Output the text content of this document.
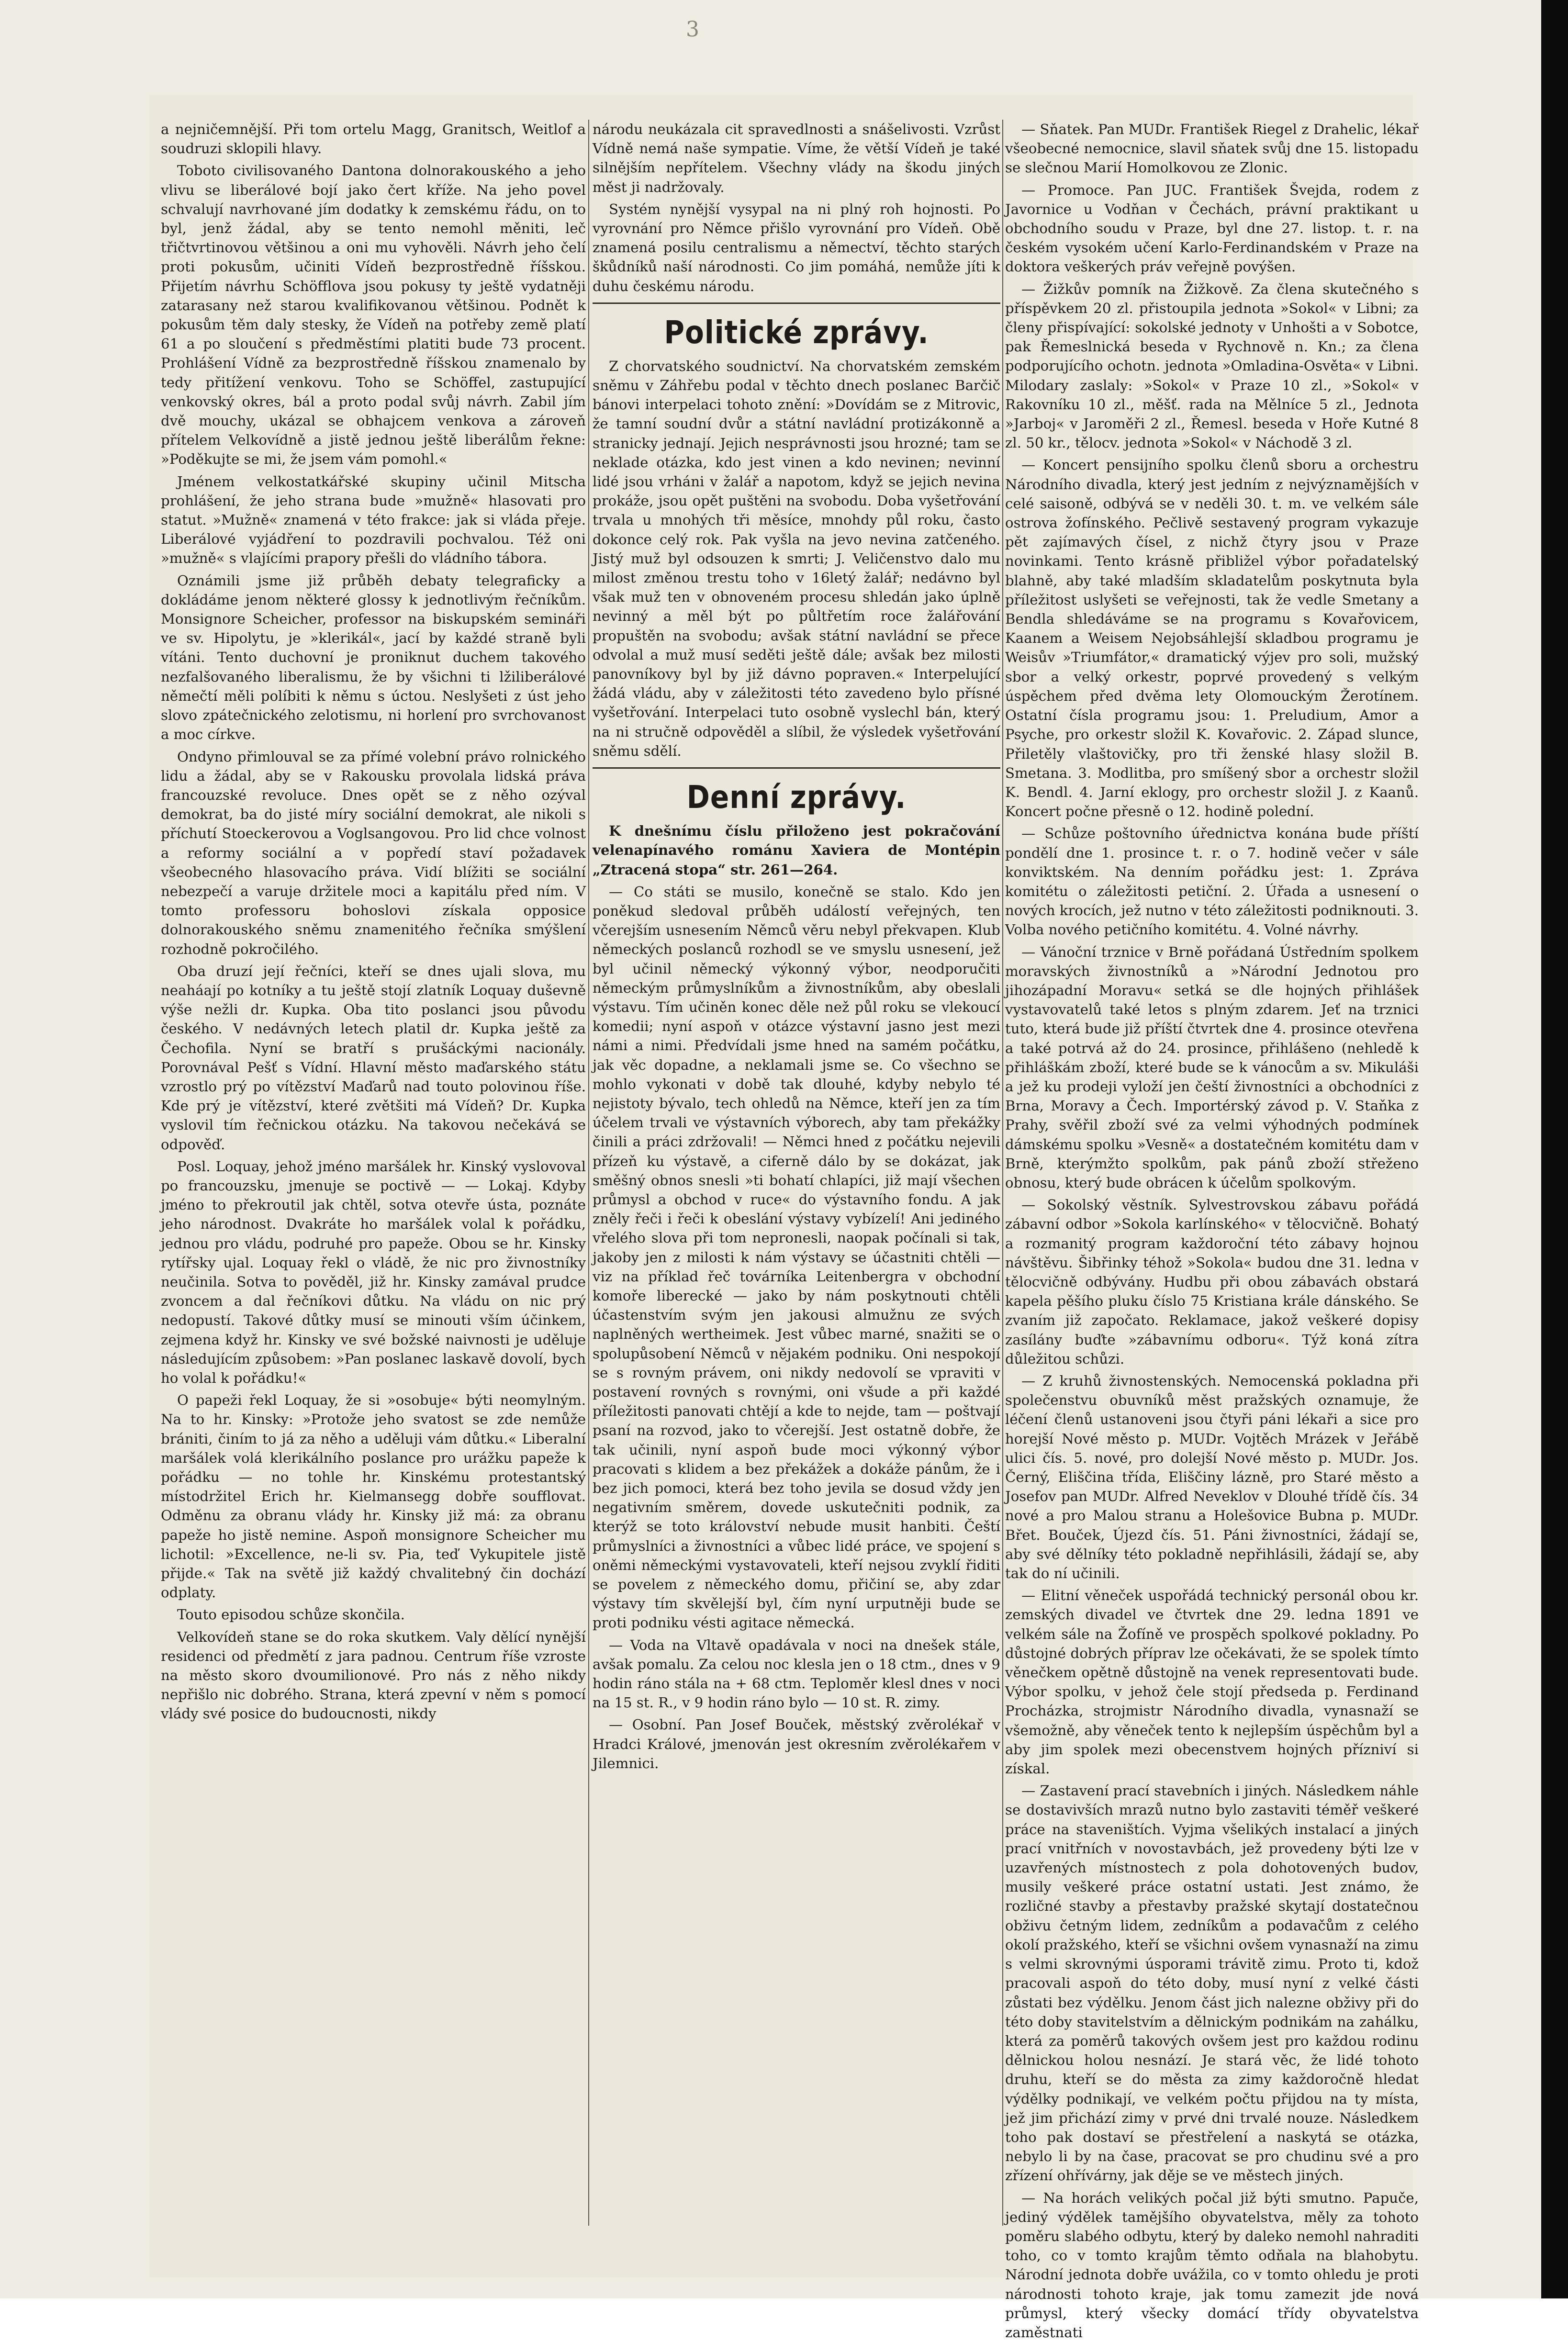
3

a nejničemnější. Při tom ortelu Magg, Granitsch, Weitlof a soudruzi sklopili hlavy.

Toboto civilisovaného Dantona dolnorakouského a jeho vlivu se liberálové bojí jako čert kříže. Na jeho povel schvalují navrhované jím dodatky k zemskému řádu, on to byl, jenž žádal, aby se tento nemohl měniti, leč třičtvrtinovou většinou a oni mu vyhověli. Návrh jeho čelí proti pokusům, učiniti Vídeň bezprostředně říšskou. Přijetím návrhu Schöfflova jsou pokusy ty ještě vydatněji zatarasany než starou kvalifikovanou většinou. Podnět k pokusům těm daly stesky, že Vídeň na potřeby země platí 61 a po sloučení s předměstími platiti bude 73 procent. Prohlášení Vídně za bezprostředně říšskou znamenalo by tedy přitížení venkovu. Toho se Schöffel, zastupující venkovský okres, bál a proto podal svůj návrh. Zabil jím dvě mouchy, ukázal se obhajcem venkova a zároveň přítelem Velkovídně a jistě jednou ještě liberálům řekne: »Poděkujte se mi, že jsem vám pomohl.«

Jménem velkostatkářské skupiny učinil Mitscha prohlášení, že jeho strana bude »mužně« hlasovati pro statut. »Mužně« znamená v této frakce: jak si vláda přeje. Liberálové vyjádření to pozdravili pochvalou. Též oni »mužně« s vlajícími prapory přešli do vládního tábora.

Oznámili jsme již průběh debaty telegraficky a dokládáme jenom některé glossy k jednotlivým řečníkům. Monsignore Scheicher, professor na biskupském semináři ve sv. Hipolytu, je »klerikál«, jací by každé straně byli vítáni. Tento duchovní je proniknut duchem takového nezfalšovaného liberalismu, že by všichni ti lžiliberálové němečtí měli políbiti k němu s úctou. Neslyšeti z úst jeho slovo zpátečnického zelotismu, ni horlení pro svrchovanost a moc církve.

Ondyno přimlouval se za přímé volební právo rolnického lidu a žádal, aby se v Rakousku provolala lidská práva francouzské revoluce. Dnes opět se z něho ozýval demokrat, ba do jisté míry sociální demokrat, ale nikoli s příchutí Stoeckerovou a Voglsangovou. Pro lid chce volnost a reformy sociální a v popředí staví požadavek všeobecného hlasovacího práva. Vidí blížiti se sociální nebezpečí a varuje držitele moci a kapitálu před ním. V tomto professoru bohoslovi získala opposice dolnorakouského sněmu znamenitého řečníka smýšlení rozhodně pokročilého.

Oba druzí její řečníci, kteří se dnes ujali slova, mu neaháají po kotníky a tu ještě stojí zlatník Loquay duševně výše nežli dr. Kupka. Oba tito poslanci jsou původu českého. V nedávných letech platil dr. Kupka ještě za Čechofila. Nyní se bratří s prušáckými nacionály. Porovnával Pešť s Vídní. Hlavní město maďarského státu vzrostlo prý po vítězství Maďarů nad touto polovinou říše. Kde prý je vítězství, které zvětšiti má Vídeň? Dr. Kupka vyslovil tím řečnickou otázku. Na takovou nečekává se odpověď.

Posl. Loquay, jehož jméno maršálek hr. Kinský vyslovoval po francouzsku, jmenuje se poctivě — — Lokaj. Kdyby jméno to překroutil jak chtěl, sotva otevře ústa, poznáte jeho národnost. Dvakráte ho maršálek volal k pořádku, jednou pro vládu, podruhé pro papeže. Obou se hr. Kinsky rytířsky ujal. Loquay řekl o vládě, že nic pro živnostníky neučinila. Sotva to pověděl, již hr. Kinsky zamával prudce zvoncem a dal řečníkovi důtku. Na vládu on nic prý nedopustí. Takové důtky musí se minouti vším účinkem, zejmena když hr. Kinsky ve své božské naivnosti je uděluje následujícím způsobem: »Pan poslanec laskavě dovolí, bych ho volal k pořádku!«

O papeži řekl Loquay, že si »osobuje« býti neomylným. Na to hr. Kinsky: »Protože jeho svatost se zde nemůže brániti, činím to já za něho a uděluji vám důtku.« Liberalní maršálek volá klerikálního poslance pro urážku papeže k pořádku — no tohle hr. Kinskému protestantský místodržitel Erich hr. Kielmansegg dobře soufflovat. Odměnu za obranu vlády hr. Kinsky již má: za obranu papeže ho jistě nemine. Aspoň monsignore Scheicher mu lichotil: »Excellence, ne-li sv. Pia, teď Vykupitele jistě přijde.« Tak na světě již každý chvalitebný čin dochází odplaty.

Touto episodou schůze skončila.

Velkovídeň stane se do roka skutkem. Valy dělící nynější residenci od předmětí z jara padnou. Centrum říše vzroste na město skoro dvoumilionové. Pro nás z něho nikdy nepřišlo nic dobrého. Strana, která zpevní v něm s pomocí vlády své posice do budoucnosti, nikdy

národu neukázala cit spravedlnosti a snášelivosti. Vzrůst Vídně nemá naše sympatie. Víme, že větší Vídeň je také silnějším nepřítelem. Všechny vlády na škodu jiných měst ji nadržovaly.

Systém nynější vysypal na ni plný roh hojnosti. Po vyrovnání pro Němce přišlo vyrovnání pro Vídeň. Obě znamená posilu centralismu a němectví, těchto starých škůdníků naší národnosti. Co jim pomáhá, nemůže jíti k duhu českému národu.

Politické zprávy.

Z chorvatského soudnictví. Na chorvatském zemském sněmu v Záhřebu podal v těchto dnech poslanec Barčič bánovi interpelaci tohoto znění: »Dovídám se z Mitrovic, že tamní soudní dvůr a státní navládní protizákonně a stranicky jednají. Jejich nesprávnosti jsou hrozné; tam se neklade otázka, kdo jest vinen a kdo nevinen; nevinní lidé jsou vrháni v žalář a napotom, když se jejich nevina prokáže, jsou opět puštěni na svobodu. Doba vyšetřování trvala u mnohých tři měsíce, mnohdy půl roku, často dokonce celý rok. Pak vyšla na jevo nevina zatčeného. Jistý muž byl odsouzen k smrti; J. Veličenstvo dalo mu milost změnou trestu toho v 16letý žalář; nedávno byl však muž ten v obnoveném procesu shledán jako úplně nevinný a měl být po půltřetím roce žalářování propuštěn na svobodu; avšak státní navládní se přece odvolal a muž musí seděti ještě dále; avšak bez milosti panovníkovy byl by již dávno popraven.« Interpelující žádá vládu, aby v záležitosti této zavedeno bylo přísné vyšetřování. Interpelaci tuto osobně vyslechl bán, který na ni stručně odpověděl a slíbil, že výsledek vyšetřování sněmu sdělí.

Denní zprávy.

K dnešnímu číslu přiloženo jest pokračování velenapínavého románu Xaviera de Montépin „Ztracená stopa“ str. 261—264.

— Co státi se musilo, konečně se stalo. Kdo jen poněkud sledoval průběh událostí veřejných, ten včerejším usnesením Němců věru nebyl překvapen. Klub německých poslanců rozhodl se ve smyslu usnesení, jež byl učinil německý výkonný výbor, neodporučiti německým průmyslníkům a živnostníkům, aby obeslali výstavu. Tím učiněn konec děle než půl roku se vlekoucí komedii; nyní aspoň v otázce výstavní jasno jest mezi námi a nimi. Předvídali jsme hned na samém počátku, jak věc dopadne, a neklamali jsme se. Co všechno se mohlo vykonati v době tak dlouhé, kdyby nebylo té nejistoty bývalo, tech ohledů na Němce, kteří jen za tím účelem trvali ve výstavních výborech, aby tam překážky činili a práci zdržovali! — Němci hned z počátku nejevili přízeň ku výstavě, a ciferně dálo by se dokázat, jak směšný obnos snesli »ti bohatí chlapíci, již mají všechen průmysl a obchod v ruce« do výstavního fondu. A jak zněly řeči i řeči k obeslání výstavy vybízelí! Ani jediného vřelého slova při tom nepronesli, naopak počínali si tak, jakoby jen z milosti k nám výstavy se účastniti chtěli — viz na příklad řeč továrníka Leitenbergra v obchodní komoře liberecké — jako by nám poskytnouti chtěli účastenstvím svým jen jakousi almužnu ze svých naplněných wertheimek. Jest vůbec marné, snažiti se o spolupůsobení Němců v nějakém podniku. Oni nespokojí se s rovným právem, oni nikdy nedovolí se vpraviti v postavení rovných s rovnými, oni všude a při každé příležitosti panovati chtějí a kde to nejde, tam — poštvají psaní na rozvod, jako to včerejší. Jest ostatně dobře, že tak učinili, nyní aspoň bude moci výkonný výbor pracovati s klidem a bez překážek a dokáže pánům, že i bez jich pomoci, která bez toho jevila se dosud vždy jen negativním směrem, dovede uskutečniti podnik, za kterýž se toto království nebude musit hanbiti. Čeští průmyslníci a živnostníci a vůbec lidé práce, ve spojení s oněmi německými vystavovateli, kteří nejsou zvyklí řiditi se povelem z německého domu, přičiní se, aby zdar výstavy tím skvělejší byl, čím nyní urputněji bude se proti podniku vésti agitace německá.

— Voda na Vltavě opadávala v noci na dnešek stále, avšak pomalu. Za celou noc klesla jen o 18 ctm., dnes v 9 hodin ráno stála na + 68 ctm. Teploměr klesl dnes v noci na 15 st. R., v 9 hodin ráno bylo — 10 st. R. zimy.

— Osobní. Pan Josef Bouček, městský zvěrolékař v Hradci Králové, jmenován jest okresním zvěrolékařem v Jilemnici.

— Sňatek. Pan MUDr. František Riegel z Drahelic, lékař všeobecné nemocnice, slavil sňatek svůj dne 15. listopadu se slečnou Marií Homolkovou ze Zlonic.

— Promoce. Pan JUC. František Švejda, rodem z Javornice u Vodňan v Čechách, právní praktikant u obchodního soudu v Praze, byl dne 27. listop. t. r. na českém vysokém učení Karlo-Ferdinandském v Praze na doktora veškerých práv veřejně povýšen.

— Žižkův pomník na Žižkově. Za člena skutečného s příspěvkem 20 zl. přistoupila jednota »Sokol« v Libni; za členy přispívající: sokolské jednoty v Unhošti a v Sobotce, pak Řemeslnická beseda v Rychnově n. Kn.; za člena podporujícího ochotn. jednota »Omladina-Osvěta« v Libni. Milodary zaslaly: »Sokol« v Praze 10 zl., »Sokol« v Rakovníku 10 zl., měšť. rada na Mělníce 5 zl., Jednota »Jarboj« v Jaroměři 2 zl., Řemesl. beseda v Hoře Kutné 8 zl. 50 kr., tělocv. jednota »Sokol« v Náchodě 3 zl.

— Koncert pensijního spolku členů sboru a orchestru Národního divadla, který jest jedním z nejvýznamějších v celé saisoně, odbývá se v neděli 30. t. m. ve velkém sále ostrova žofínského. Pečlivě sestavený program vykazuje pět zajímavých čísel, z nichž čtyry jsou v Praze novinkami. Tento krásně přibližel výbor pořadatelský blahně, aby také mladším skladatelům poskytnuta byla příležitost uslyšeti se veřejnosti, tak že vedle Smetany a Bendla shledáváme se na programu s Kovařovicem, Kaanem a Weisem Nejobsáhlejší skladbou programu je Weisův »Triumfátor,« dramatický výjev pro soli, mužský sbor a velký orkestr, poprvé provedený s velkým úspěchem před dvěma lety Olomouckým Žerotínem. Ostatní čísla programu jsou: 1. Preludium, Amor a Psyche, pro orkestr složil K. Kovařovic. 2. Západ slunce, Přiletěly vlaštovičky, pro tři ženské hlasy složil B. Smetana. 3. Modlitba, pro smíšený sbor a orchestr složil K. Bendl. 4. Jarní eklogy, pro orchestr složil J. z Kaanů. Koncert počne přesně o 12. hodině polední.

— Schůze poštovního úřednictva konána bude příští pondělí dne 1. prosince t. r. o 7. hodině večer v sále konviktském. Na denním pořádku jest: 1. Zpráva komitétu o záležitosti petiční. 2. Úřada a usnesení o nových krocích, jež nutno v této záležitosti podniknouti. 3. Volba nového petičního komitétu. 4. Volné návrhy.

— Vánoční trznice v Brně pořádaná Ústředním spolkem moravských živnostníků a »Národní Jednotou pro jihozápadní Moravu« setká se dle hojných přihlášek vystavovatelů také letos s plným zdarem. Jeť na trznici tuto, která bude již příští čtvrtek dne 4. prosince otevřena a také potrvá až do 24. prosince, přihlášeno (nehledě k přihláškám zboží, které bude se k vánocům a sv. Mikuláši a jež ku prodeji vyloží jen čeští živnostníci a obchodníci z Brna, Moravy a Čech. Importérský závod p. V. Staňka z Prahy, svěřil zboží své za velmi výhodných podmínek dámskému spolku »Vesně« a dostatečném komitétu dam v Brně, kterýmžto spolkům, pak pánů zboží střeženo obnosu, který bude obrácen k účelům spolkovým.

— Sokolský věstník. Sylvestrovskou zábavu pořádá zábavní odbor »Sokola karlínského« v tělocvičně. Bohatý a rozmanitý program každoroční této zábavy hojnou návštěvu. Šibřinky téhož »Sokola« budou dne 31. ledna v tělocvičně odbývány. Hudbu při obou zábavách obstará kapela pěšího pluku číslo 75 Kristiana krále dánského. Se zvaním již započato. Reklamace, jakož veškeré dopisy zasílány buďte »zábavnímu odboru«. Týž koná zítra důležitou schůzi.

— Z kruhů živnostenských. Nemocenská pokladna při společenstvu obuvníků měst pražských oznamuje, že léčení členů ustanoveni jsou čtyři páni lékaři a sice pro horejší Nové město p. MUDr. Vojtěch Mrázek v Jeřábě ulici čís. 5. nové, pro dolejší Nové město p. MUDr. Jos. Černý, Eliščina třída, Eliščiny lázně, pro Staré město a Josefov pan MUDr. Alfred Neveklov v Dlouhé třídě čís. 34 nové a pro Malou stranu a Holešovice Bubna p. MUDr. Břet. Bouček, Újezd čís. 51. Páni živnostníci, žádají se, aby své dělníky této pokladně nepřihlásili, žádají se, aby tak do ní učinili.

— Elitní věneček uspořádá technický personál obou kr. zemských divadel ve čtvrtek dne 29. ledna 1891 ve velkém sále na Žofíně ve prospěch spolkové pokladny. Po důstojné dobrých příprav lze očekávati, že se spolek tímto věnečkem opětně důstojně na venek representovati bude. Výbor spolku, v jehož čele stojí předseda p. Ferdinand Procházka, strojmistr Národního divadla, vynasnaží se všemožně, aby věneček tento k nejlepším úspěchům byl a aby jim spolek mezi obecenstvem hojných přízniví si získal.

— Zastavení prací stavebních i jiných. Následkem náhle se dostavivších mrazů nutno bylo zastaviti téměř veškeré práce na staveništích. Vyjma všelikých instalací a jiných prací vnitřních v novostavbách, jež provedeny býti lze v uzavřených místnostech z pola dohotovených budov, musily veškeré práce ostatní ustati. Jest známo, že rozličné stavby a přestavby pražské skytají dostatečnou obživu četným lidem, zedníkům a podavačům z celého okolí pražského, kteří se všichni ovšem vynasnaží na zimu s velmi skrovnými úsporami trávitě zimu. Proto ti, kdož pracovali aspoň do této doby, musí nyní z velké části zůstati bez výdělku. Jenom část jich nalezne obživy při do této doby stavitelstvím a dělnickým podnikám na zahálku, která za poměrů takových ovšem jest pro každou rodinu dělnickou holou nesnází. Je stará věc, že lidé tohoto druhu, kteří se do města za zimy každoročně hledat výdělky podnikají, ve velkém počtu přijdou na ty místa, jež jim přichází zimy v prvé dni trvalé nouze. Následkem toho pak dostaví se přestřelení a naskytá se otázka, nebylo li by na čase, pracovat se pro chudinu své a pro zřízení ohřívárny, jak děje se ve městech jiných.

— Na horách velikých počal již býti smutno. Papuče, jediný výdělek tamějšího obyvatelstva, měly za tohoto poměru slabého odbytu, který by daleko nemohl nahraditi toho, co v tomto krajům těmto odňala na blahobytu. Národní jednota dobře uvážila, co v tomto ohledu je proti národnosti tohoto kraje, jak tomu zamezit jde nová průmysl, který všecky domácí třídy obyvatelstva zaměstnati
